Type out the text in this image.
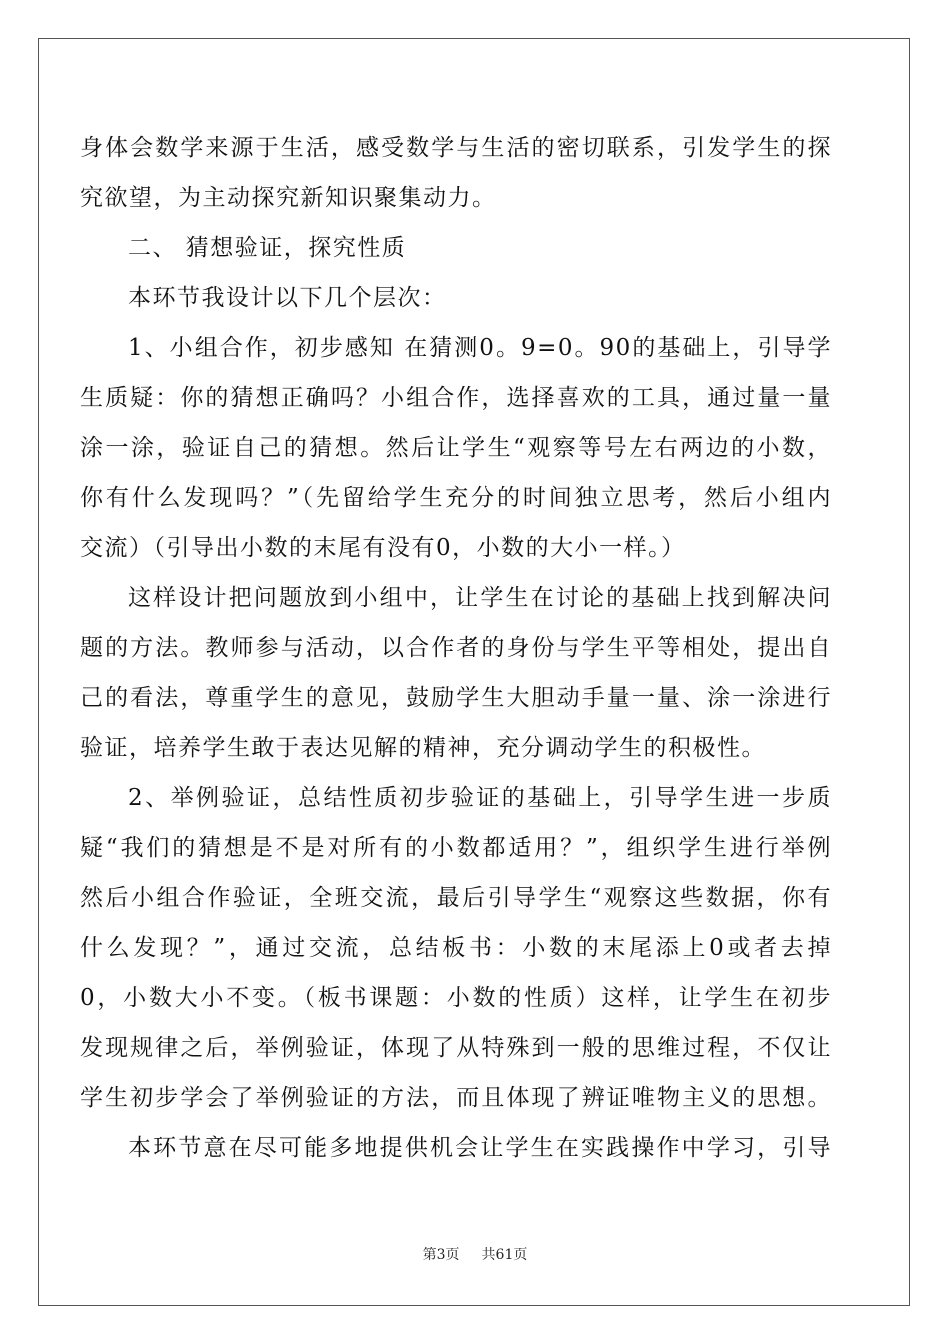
身体会数学来源于生活，感受数学与生活的密切联系，引发学生的探
究欲望，为主动探究新知识聚集动力。
二、 猜想验证，探究性质
本环节我设计以下几个层次：
1、小组合作，初步感知 在猜测0。9=0。90的基础上，引导学
生质疑：你的猜想正确吗？小组合作，选择喜欢的工具，通过量一量
涂一涂，验证自己的猜想。然后让学生“观察等号左右两边的小数，
你有什么发现吗？”（先留给学生充分的时间独立思考，然后小组内
交流）（引导出小数的末尾有没有0，小数的大小一样。）
这样设计把问题放到小组中，让学生在讨论的基础上找到解决问
题的方法。教师参与活动，以合作者的身份与学生平等相处，提出自
己的看法，尊重学生的意见，鼓励学生大胆动手量一量、涂一涂进行
验证，培养学生敢于表达见解的精神，充分调动学生的积极性。
2、举例验证，总结性质初步验证的基础上，引导学生进一步质
疑“我们的猜想是不是对所有的小数都适用？”，组织学生进行举例
然后小组合作验证，全班交流，最后引导学生“观察这些数据，你有
什么发现？”，通过交流，总结板书：小数的末尾添上0或者去掉
0，小数大小不变。（板书课题：小数的性质）这样，让学生在初步
发现规律之后，举例验证，体现了从特殊到一般的思维过程，不仅让
学生初步学会了举例验证的方法，而且体现了辨证唯物主义的思想。
本环节意在尽可能多地提供机会让学生在实践操作中学习，引导
第3页 共61页
